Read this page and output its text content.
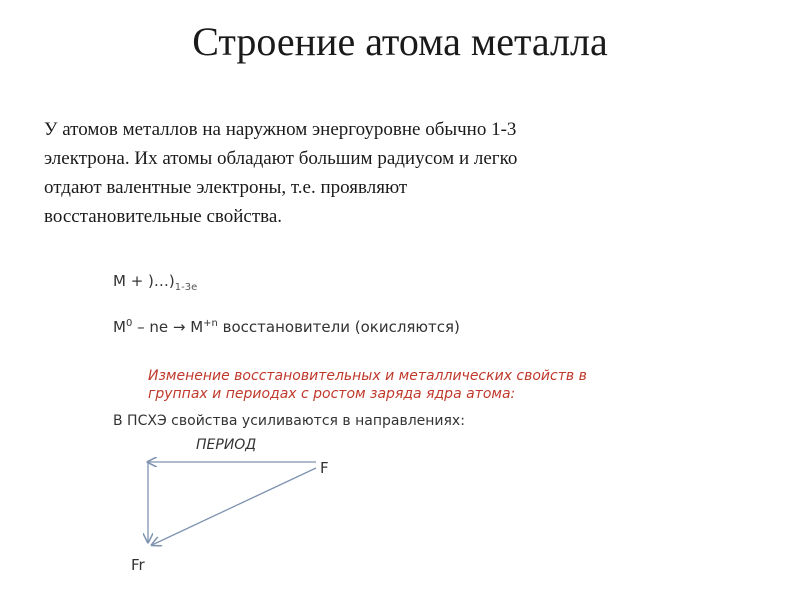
Строение атома металла
У атомов металлов на наружном энергоуровне обычно 1-3
электрона. Их атомы обладают большим радиусом и легко
отдают валентные электроны, т.е. проявляют
восстановительные свойства.
$М + )\dots)_{1-3е}$
$М^0$ – ne → $М^{+n}$ восстановители (окисляются)
Изменение восстановительных и металлических свойств в
группах и периодах с ростом заряда ядра атома:
В ПСХЭ свойства усиливаются в направлениях:
ПЕРИОД
F
Fr
